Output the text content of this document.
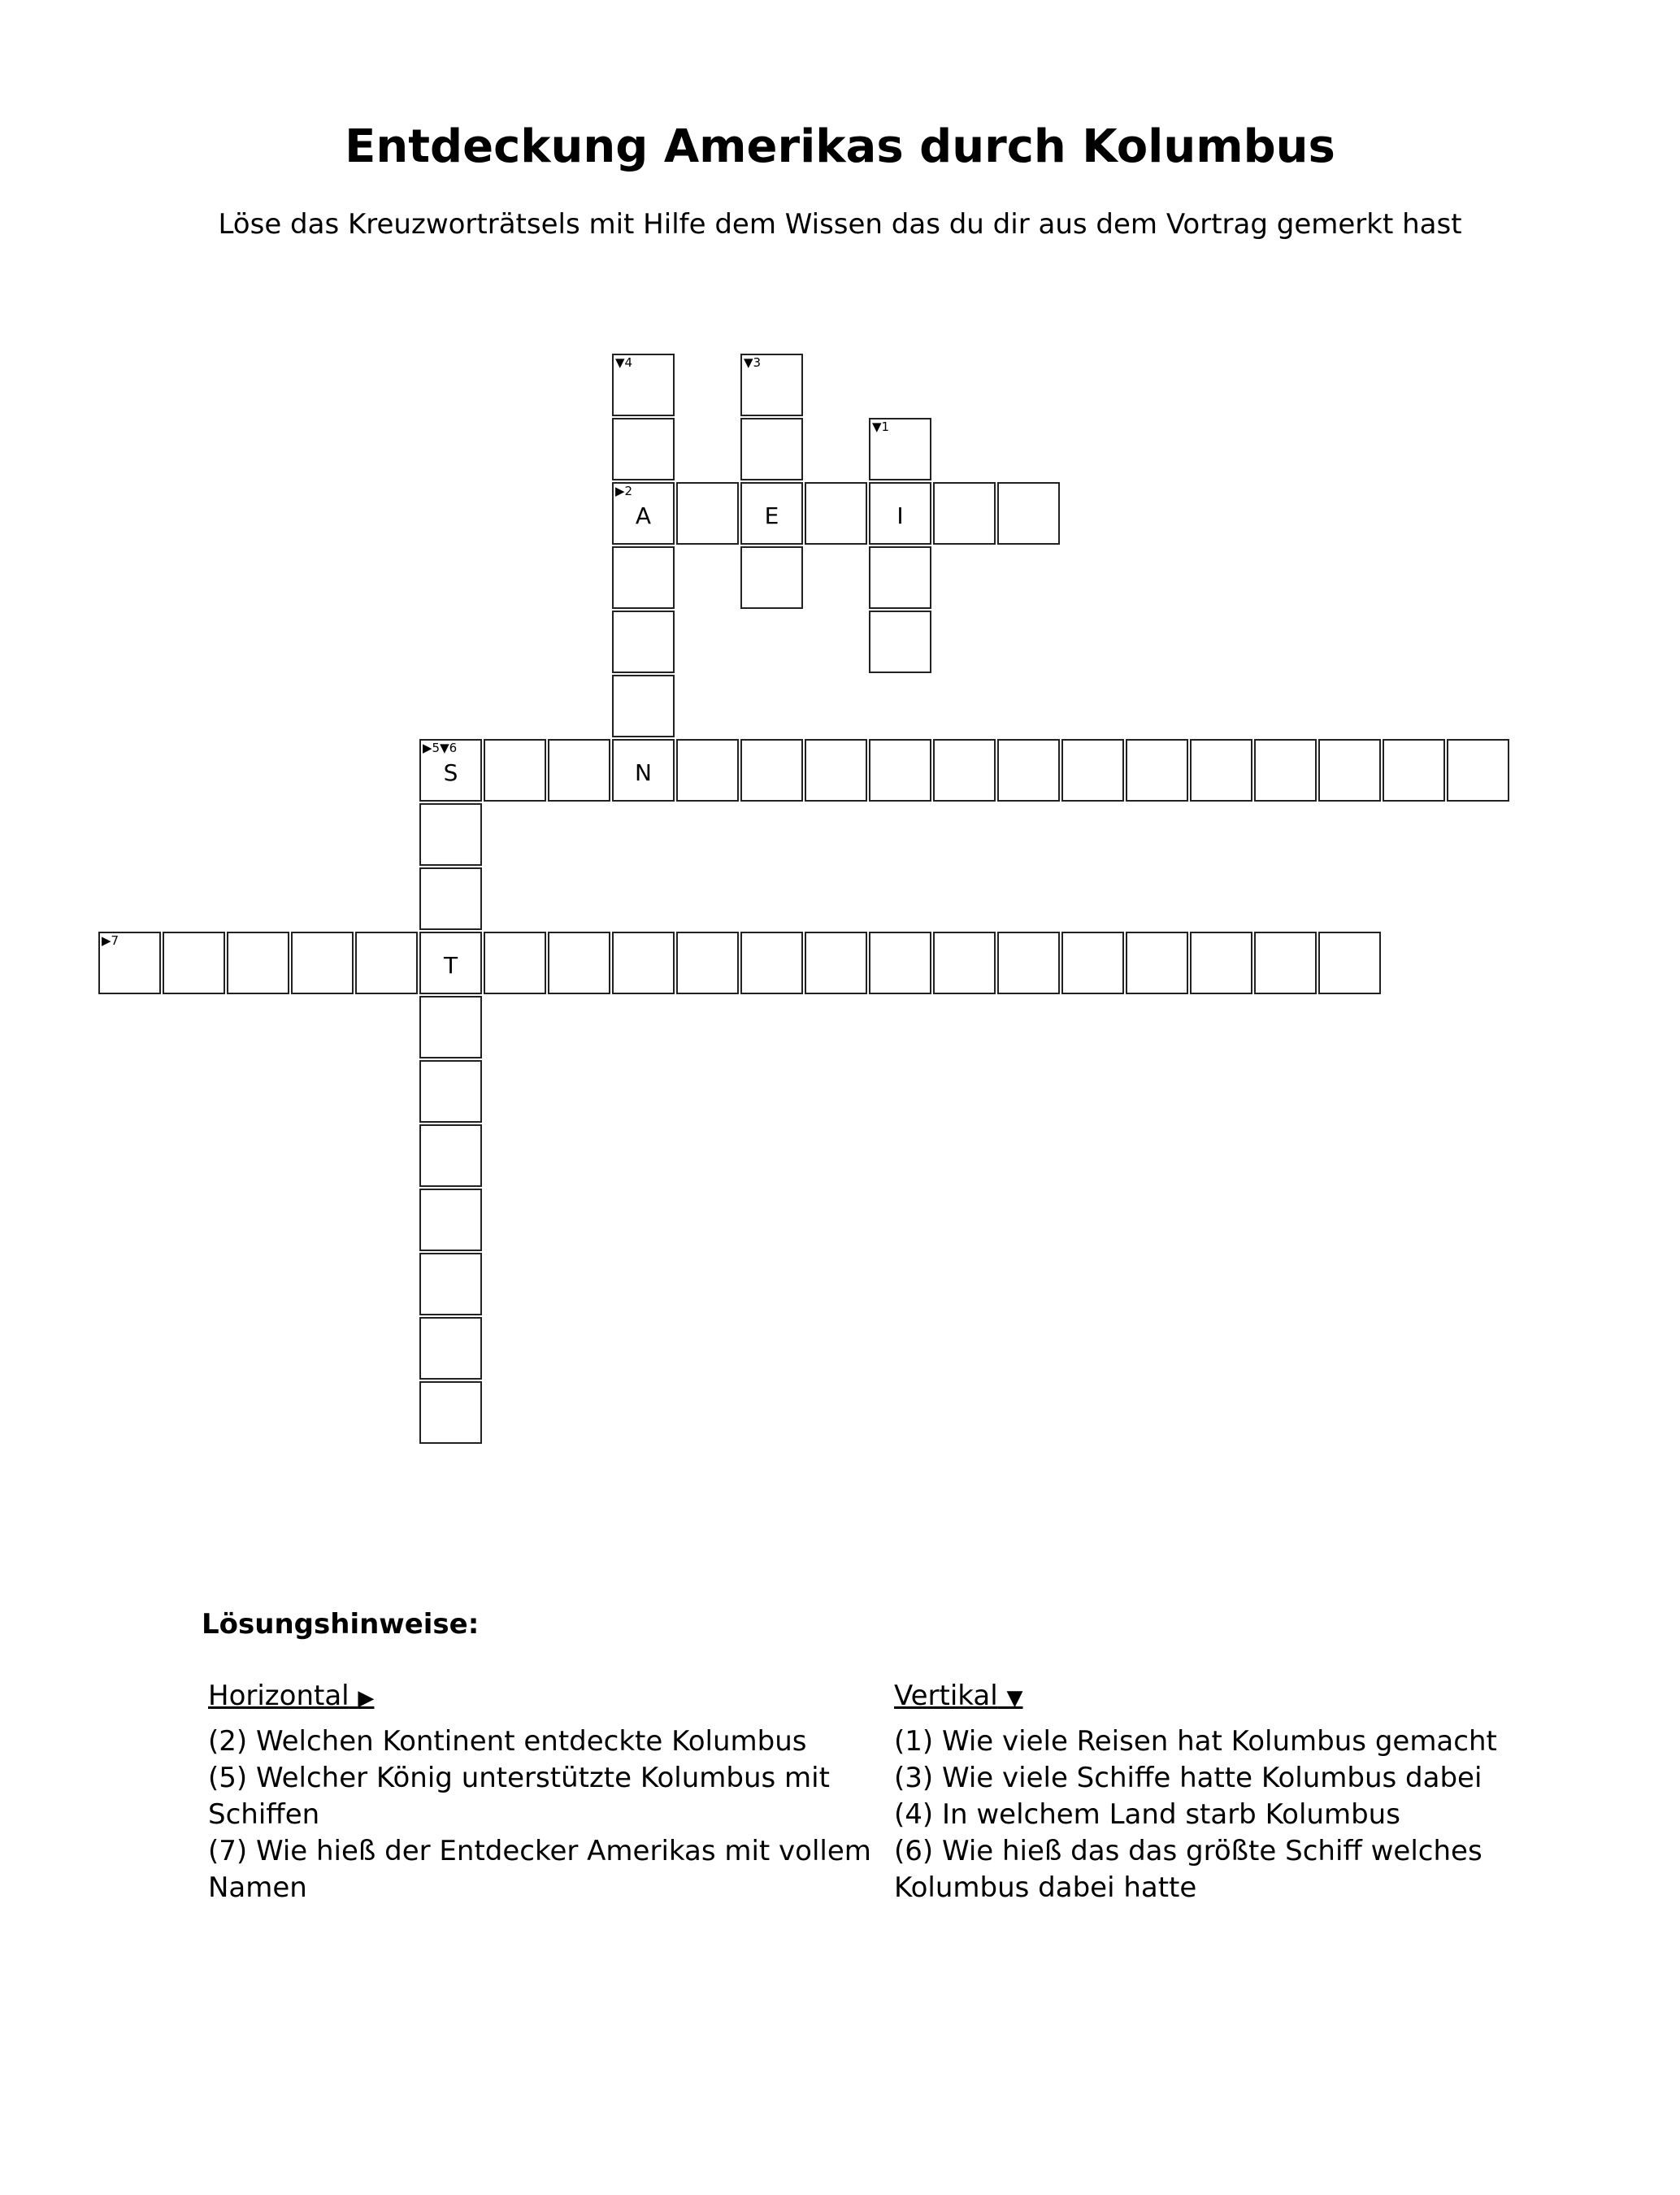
Entdeckung Amerikas durch Kolumbus

Löse das Kreuzworträtsels mit Hilfe dem Wissen das du dir aus dem Vortrag gemerkt hast

▶2
A	E	I
▶5▼6
S	N
▶7
T
▼1
▼3
▼4
Lösungshinweise:
Horizontal ▶
(2) Welchen Kontinent entdeckte Kolumbus
(5) Welcher König unterstützte Kolumbus mit Schiffen
(7) Wie hieß der Entdecker Amerikas mit vollem Namen
Vertikal ▼
(1) Wie viele Reisen hat Kolumbus gemacht
(3) Wie viele Schiffe hatte Kolumbus dabei
(4) In welchem Land starb Kolumbus
(6) Wie hieß das das größte Schiff welches Kolumbus dabei hatte
